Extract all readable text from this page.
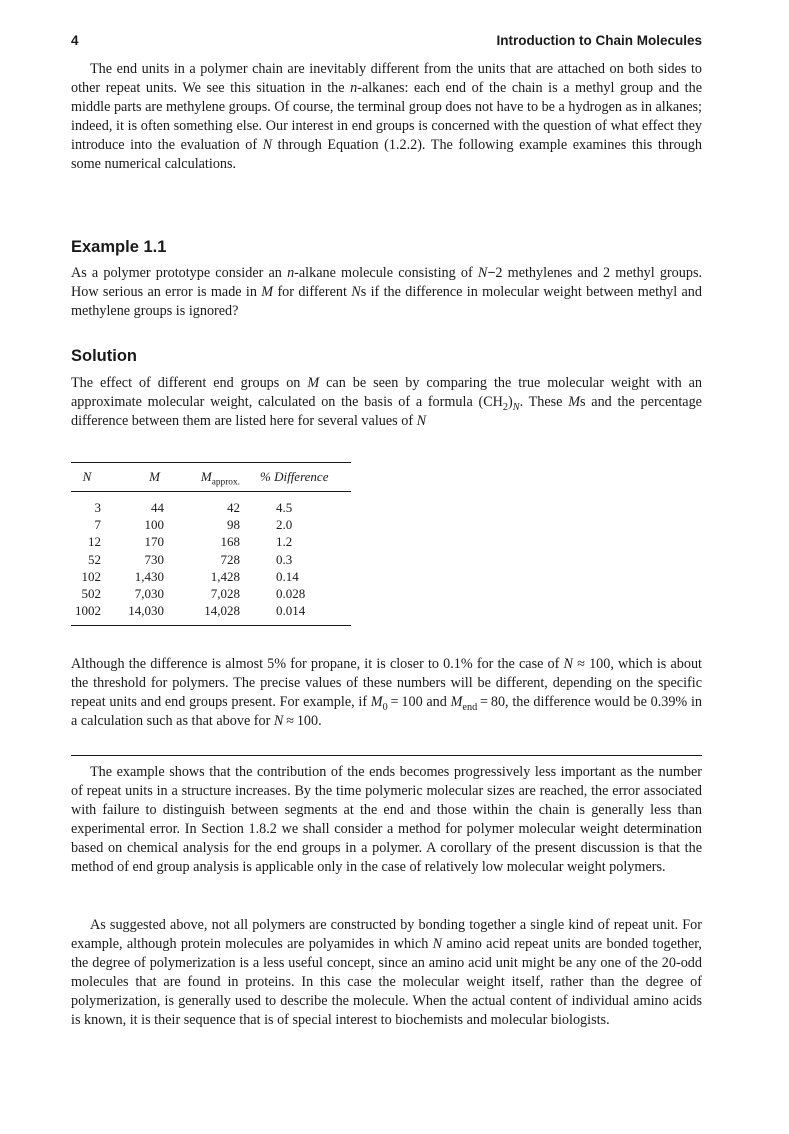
4	Introduction to Chain Molecules

The end units in a polymer chain are inevitably different from the units that are attached on both sides to other repeat units. We see this situation in the n-alkanes: each end of the chain is a methyl group and the middle parts are methylene groups. Of course, the terminal group does not have to be a hydrogen as in alkanes; indeed, it is often something else. Our interest in end groups is concerned with the question of what effect they introduce into the evaluation of N through Equation (1.2.2). The following example examines this through some numerical calculations.

Example 1.1

As a polymer prototype consider an n-alkane molecule consisting of N−2 methylenes and 2 methyl groups. How serious an error is made in M for different Ns if the difference in molecular weight between methyl and methylene groups is ignored?

Solution

The effect of different end groups on M can be seen by comparing the true molecular weight with an approximate molecular weight, calculated on the basis of a formula $(CH_2)_N$. These Ms and the percentage difference between them are listed here for several values of N

N	M	$M_{approx.}$	% Difference
3	44	42	4.5
7	100	98	2.0
12	170	168	1.2
52	730	728	0.3
102	1,430	1,428	0.14
502	7,030	7,028	0.028
1002	14,030	14,028	0.014

Although the difference is almost 5% for propane, it is closer to 0.1% for the case of N ≈ 100, which is about the threshold for polymers. The precise values of these numbers will be different, depending on the specific repeat units and end groups present. For example, if $M_0 = 100$ and $M_{end} = 80$, the difference would be 0.39% in a calculation such as that above for N ≈ 100.

The example shows that the contribution of the ends becomes progressively less important as the number of repeat units in a structure increases. By the time polymeric molecular sizes are reached, the error associated with failure to distinguish between segments at the end and those within the chain is generally less than experimental error. In Section 1.8.2 we shall consider a method for polymer molecular weight determination based on chemical analysis for the end groups in a polymer. A corollary of the present discussion is that the method of end group analysis is applicable only in the case of relatively low molecular weight polymers.

As suggested above, not all polymers are constructed by bonding together a single kind of repeat unit. For example, although protein molecules are polyamides in which N amino acid repeat units are bonded together, the degree of polymerization is a less useful concept, since an amino acid unit might be any one of the 20-odd molecules that are found in proteins. In this case the molecular weight itself, rather than the degree of polymerization, is generally used to describe the molecule. When the actual content of individual amino acids is known, it is their sequence that is of special interest to biochemists and molecular biologists.
